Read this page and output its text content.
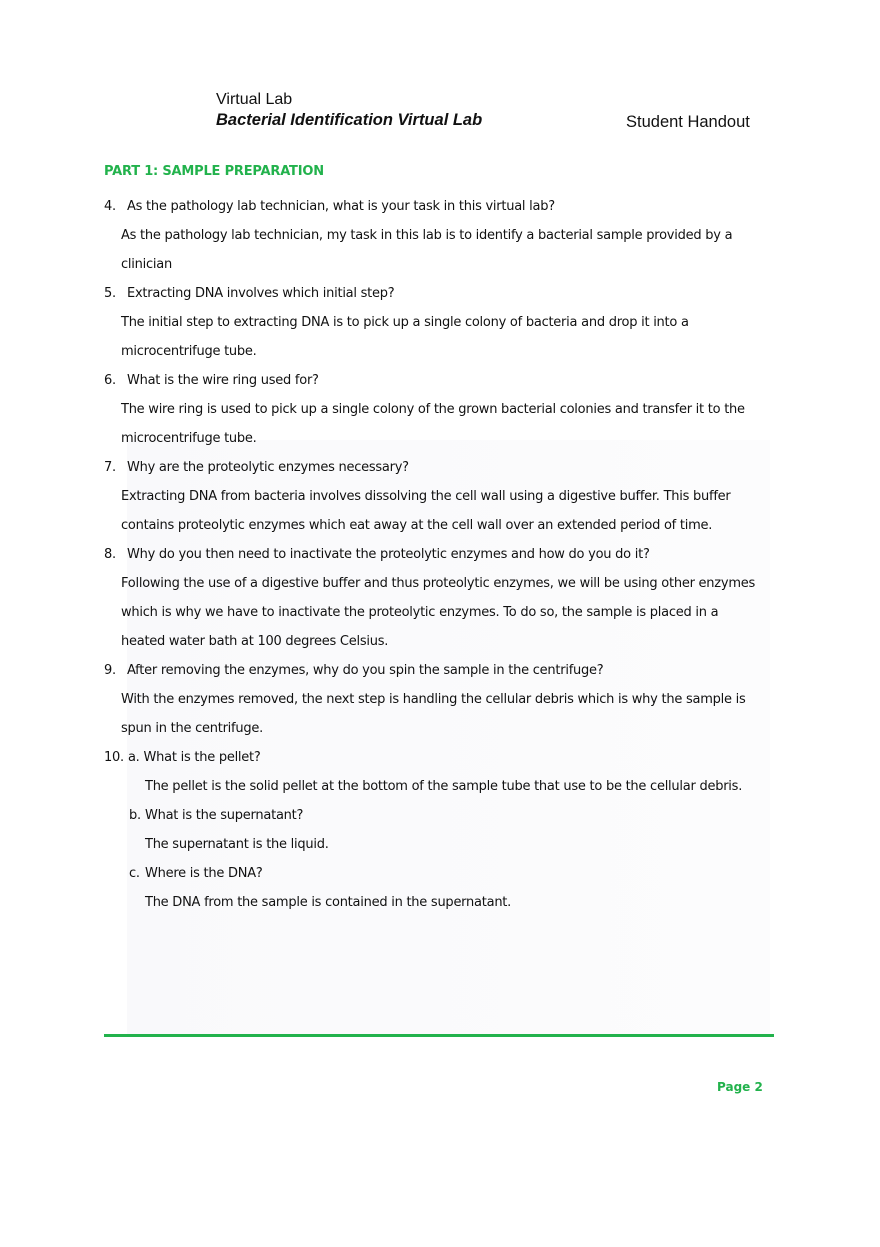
Virtual Lab
Bacterial Identification Virtual Lab	Student Handout
PART 1: SAMPLE PREPARATION
4. As the pathology lab technician, what is your task in this virtual lab?
As the pathology lab technician, my task in this lab is to identify a bacterial sample provided by a
clinician
5. Extracting DNA involves which initial step?
The initial step to extracting DNA is to pick up a single colony of bacteria and drop it into a
microcentrifuge tube.
6. What is the wire ring used for?
The wire ring is used to pick up a single colony of the grown bacterial colonies and transfer it to the
microcentrifuge tube.
7. Why are the proteolytic enzymes necessary?
Extracting DNA from bacteria involves dissolving the cell wall using a digestive buffer. This buffer
contains proteolytic enzymes which eat away at the cell wall over an extended period of time.
8. Why do you then need to inactivate the proteolytic enzymes and how do you do it?
Following the use of a digestive buffer and thus proteolytic enzymes, we will be using other enzymes
which is why we have to inactivate the proteolytic enzymes. To do so, the sample is placed in a
heated water bath at 100 degrees Celsius.
9. After removing the enzymes, why do you spin the sample in the centrifuge?
With the enzymes removed, the next step is handling the cellular debris which is why the sample is
spun in the centrifuge.
10. a. What is the pellet?
The pellet is the solid pellet at the bottom of the sample tube that use to be the cellular debris.
b. What is the supernatant?
The supernatant is the liquid.
c. Where is the DNA?
The DNA from the sample is contained in the supernatant.
Page 2
